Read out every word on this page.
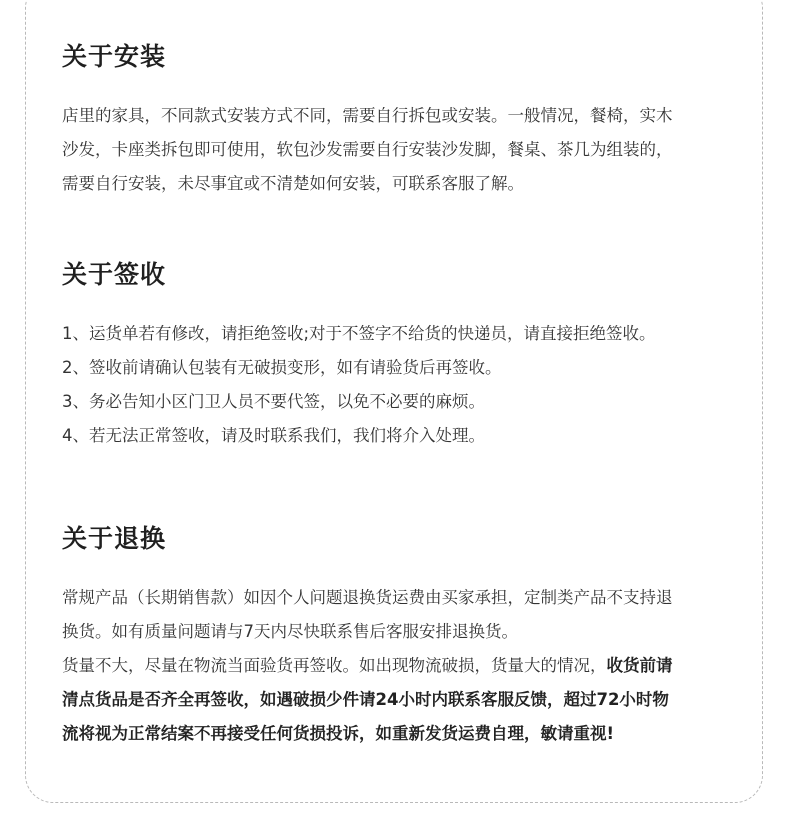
关于安装

店里的家具，不同款式安装方式不同，需要自行拆包或安装。一般情况，餐椅，实木

沙发，卡座类拆包即可使用，软包沙发需要自行安装沙发脚，餐桌、茶几为组装的，

需要自行安装，未尽事宜或不清楚如何安装，可联系客服了解。

关于签收

1、运货单若有修改，请拒绝签收;对于不签字不给货的快递员，请直接拒绝签收。

2、签收前请确认包装有无破损变形，如有请验货后再签收。

3、务必告知小区门卫人员不要代签，以免不必要的麻烦。

4、若无法正常签收，请及时联系我们，我们将介入处理。

关于退换

常规产品（长期销售款）如因个人问题退换货运费由买家承担，定制类产品不支持退

换货。如有质量问题请与7天内尽快联系售后客服安排退换货。

货量不大，尽量在物流当面验货再签收。如出现物流破损，货量大的情况，收货前请

清点货品是否齐全再签收，如遇破损少件请24小时内联系客服反馈，超过72小时物

流将视为正常结案不再接受任何货损投诉，如重新发货运费自理，敏请重视!
